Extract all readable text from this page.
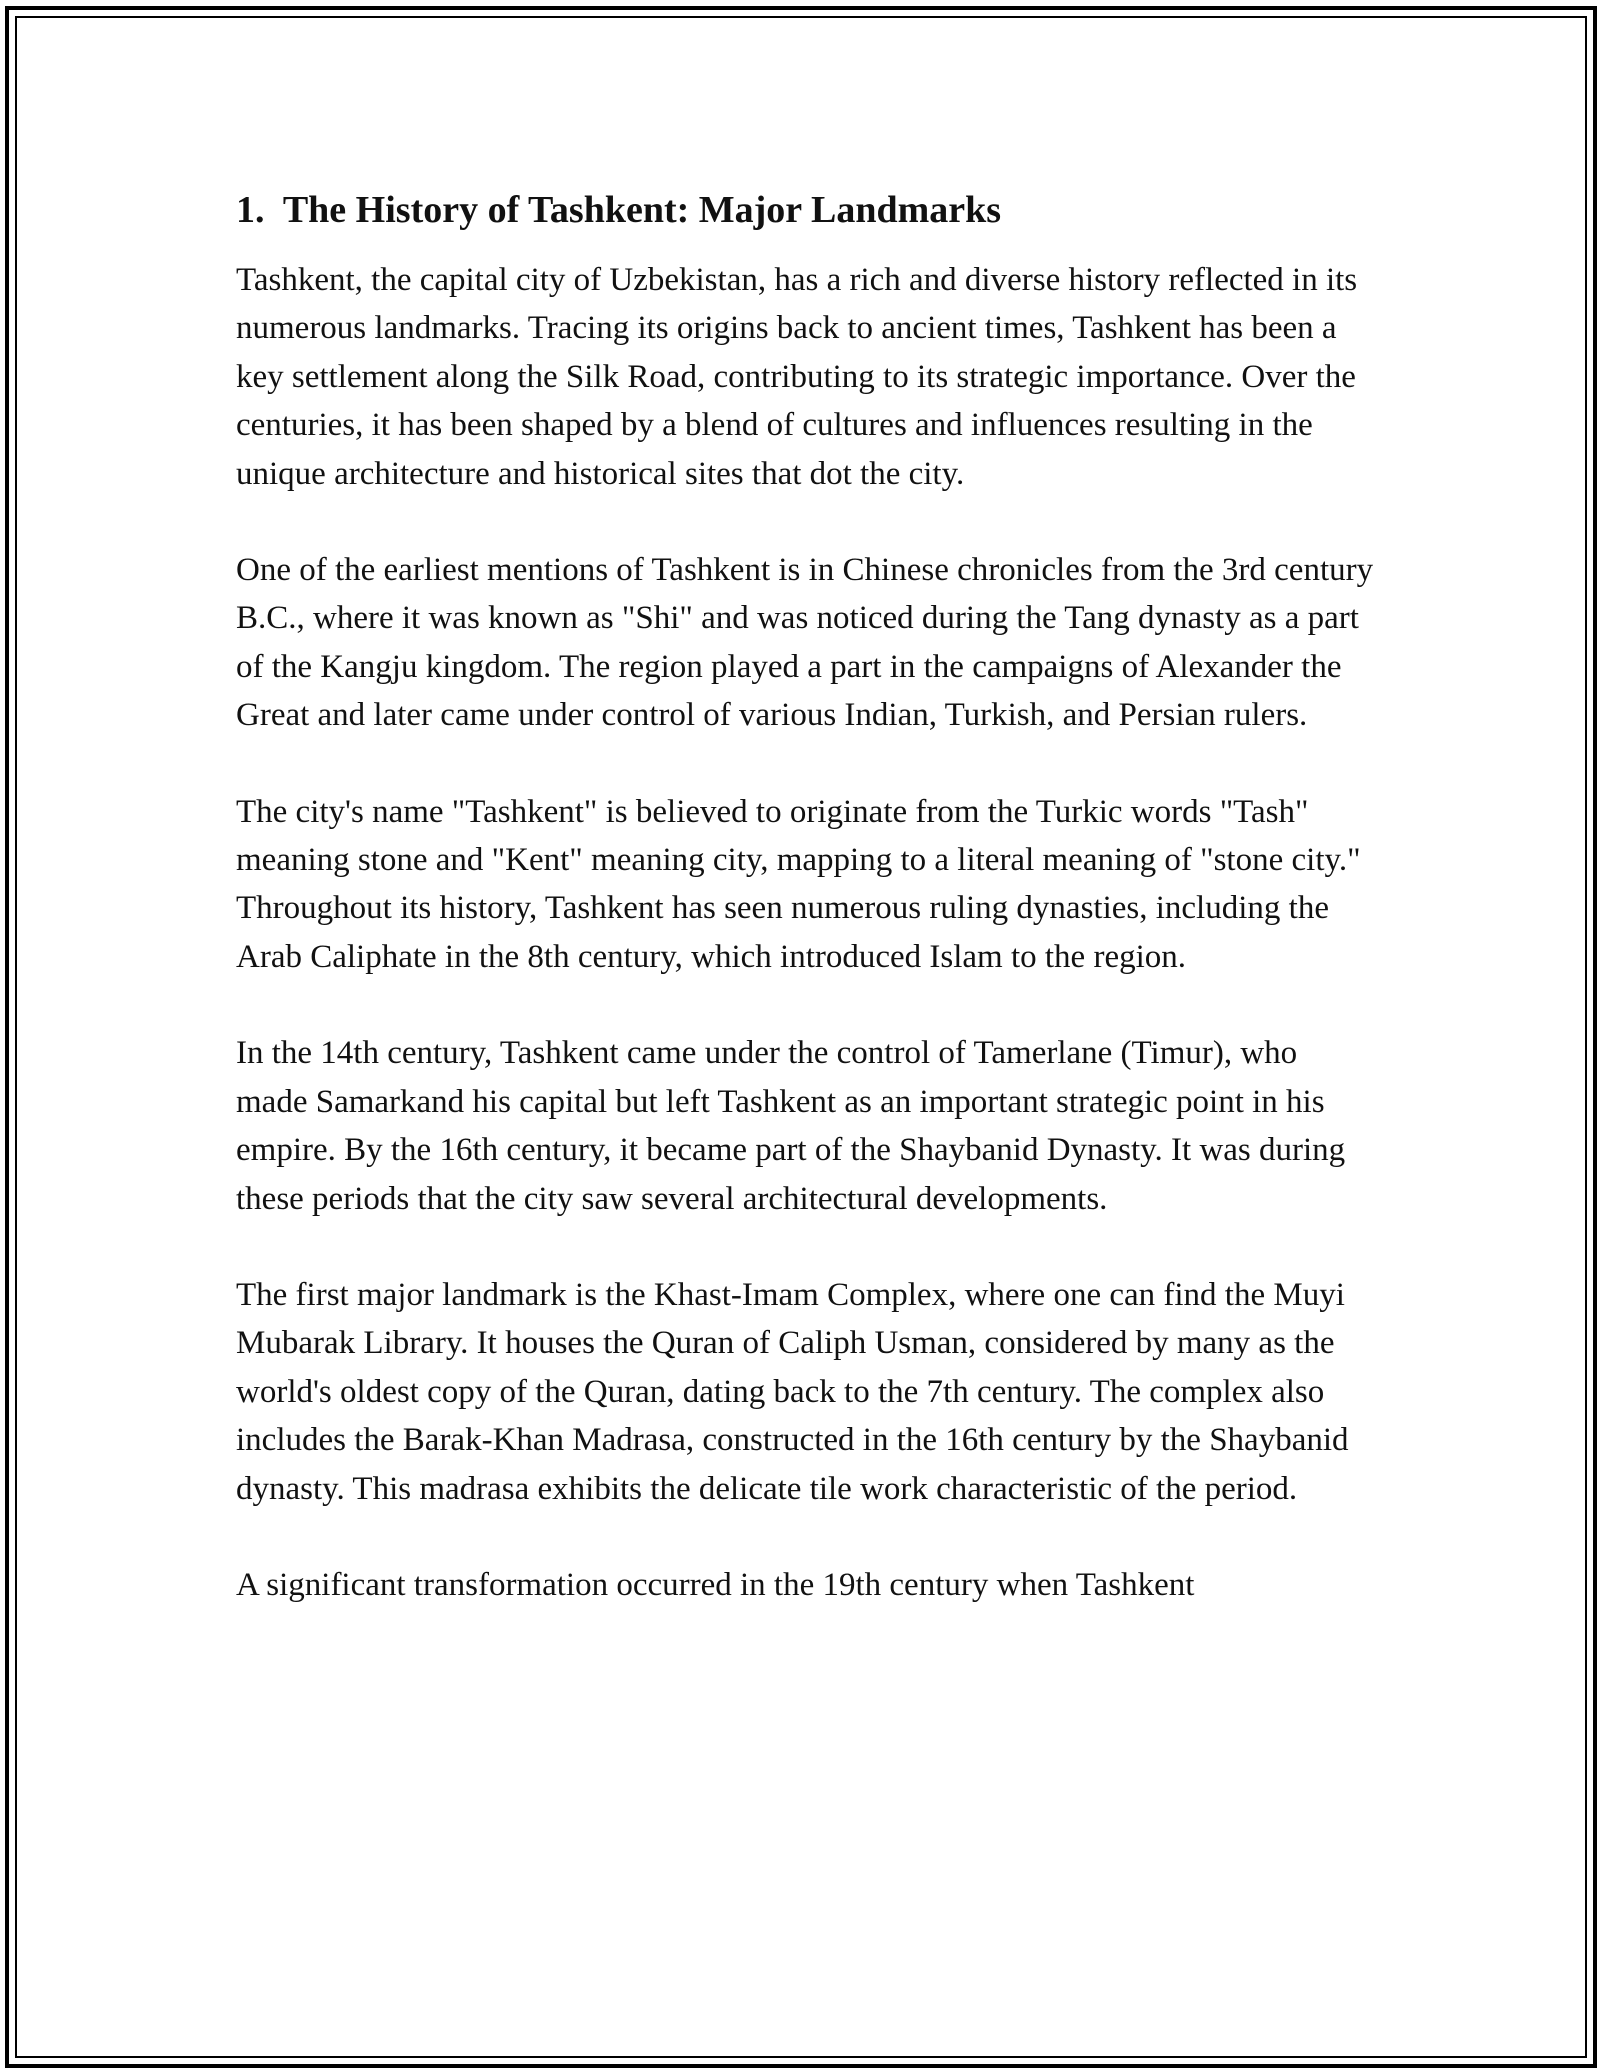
1.  The History of Tashkent: Major Landmarks

Tashkent, the capital city of Uzbekistan, has a rich and diverse history reflected in its numerous landmarks. Tracing its origins back to ancient times, Tashkent has been a key settlement along the Silk Road, contributing to its strategic importance. Over the centuries, it has been shaped by a blend of cultures and influences resulting in the unique architecture and historical sites that dot the city.

One of the earliest mentions of Tashkent is in Chinese chronicles from the 3rd century B.C., where it was known as "Shi" and was noticed during the Tang dynasty as a part of the Kangju kingdom. The region played a part in the campaigns of Alexander the Great and later came under control of various Indian, Turkish, and Persian rulers.

The city's name "Tashkent" is believed to originate from the Turkic words "Tash" meaning stone and "Kent" meaning city, mapping to a literal meaning of "stone city." Throughout its history, Tashkent has seen numerous ruling dynasties, including the Arab Caliphate in the 8th century, which introduced Islam to the region.

In the 14th century, Tashkent came under the control of Tamerlane (Timur), who made Samarkand his capital but left Tashkent as an important strategic point in his empire. By the 16th century, it became part of the Shaybanid Dynasty. It was during these periods that the city saw several architectural developments.

The first major landmark is the Khast-Imam Complex, where one can find the Muyi Mubarak Library. It houses the Quran of Caliph Usman, considered by many as the world's oldest copy of the Quran, dating back to the 7th century. The complex also includes the Barak-Khan Madrasa, constructed in the 16th century by the Shaybanid dynasty. This madrasa exhibits the delicate tile work characteristic of the period.

A significant transformation occurred in the 19th century when Tashkent
